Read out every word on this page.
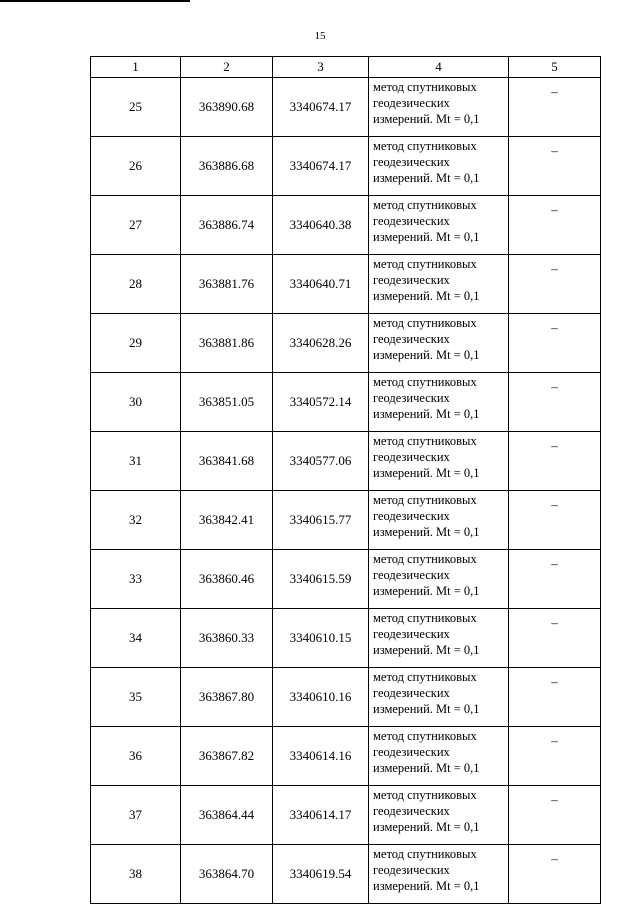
15
1	2	3	4	5
25	363890.68	3340674.17	метод спутниковых
геодезических
измерений. Mt = 0,1	–
26	363886.68	3340674.17	метод спутниковых
геодезических
измерений. Mt = 0,1	–
27	363886.74	3340640.38	метод спутниковых
геодезических
измерений. Mt = 0,1	–
28	363881.76	3340640.71	метод спутниковых
геодезических
измерений. Mt = 0,1	–
29	363881.86	3340628.26	метод спутниковых
геодезических
измерений. Mt = 0,1	–
30	363851.05	3340572.14	метод спутниковых
геодезических
измерений. Mt = 0,1	–
31	363841.68	3340577.06	метод спутниковых
геодезических
измерений. Mt = 0,1	–
32	363842.41	3340615.77	метод спутниковых
геодезических
измерений. Mt = 0,1	–
33	363860.46	3340615.59	метод спутниковых
геодезических
измерений. Mt = 0,1	–
34	363860.33	3340610.15	метод спутниковых
геодезических
измерений. Mt = 0,1	–
35	363867.80	3340610.16	метод спутниковых
геодезических
измерений. Mt = 0,1	–
36	363867.82	3340614.16	метод спутниковых
геодезических
измерений. Mt = 0,1	–
37	363864.44	3340614.17	метод спутниковых
геодезических
измерений. Mt = 0,1	–
38	363864.70	3340619.54	метод спутниковых
геодезических
измерений. Mt = 0,1	–
